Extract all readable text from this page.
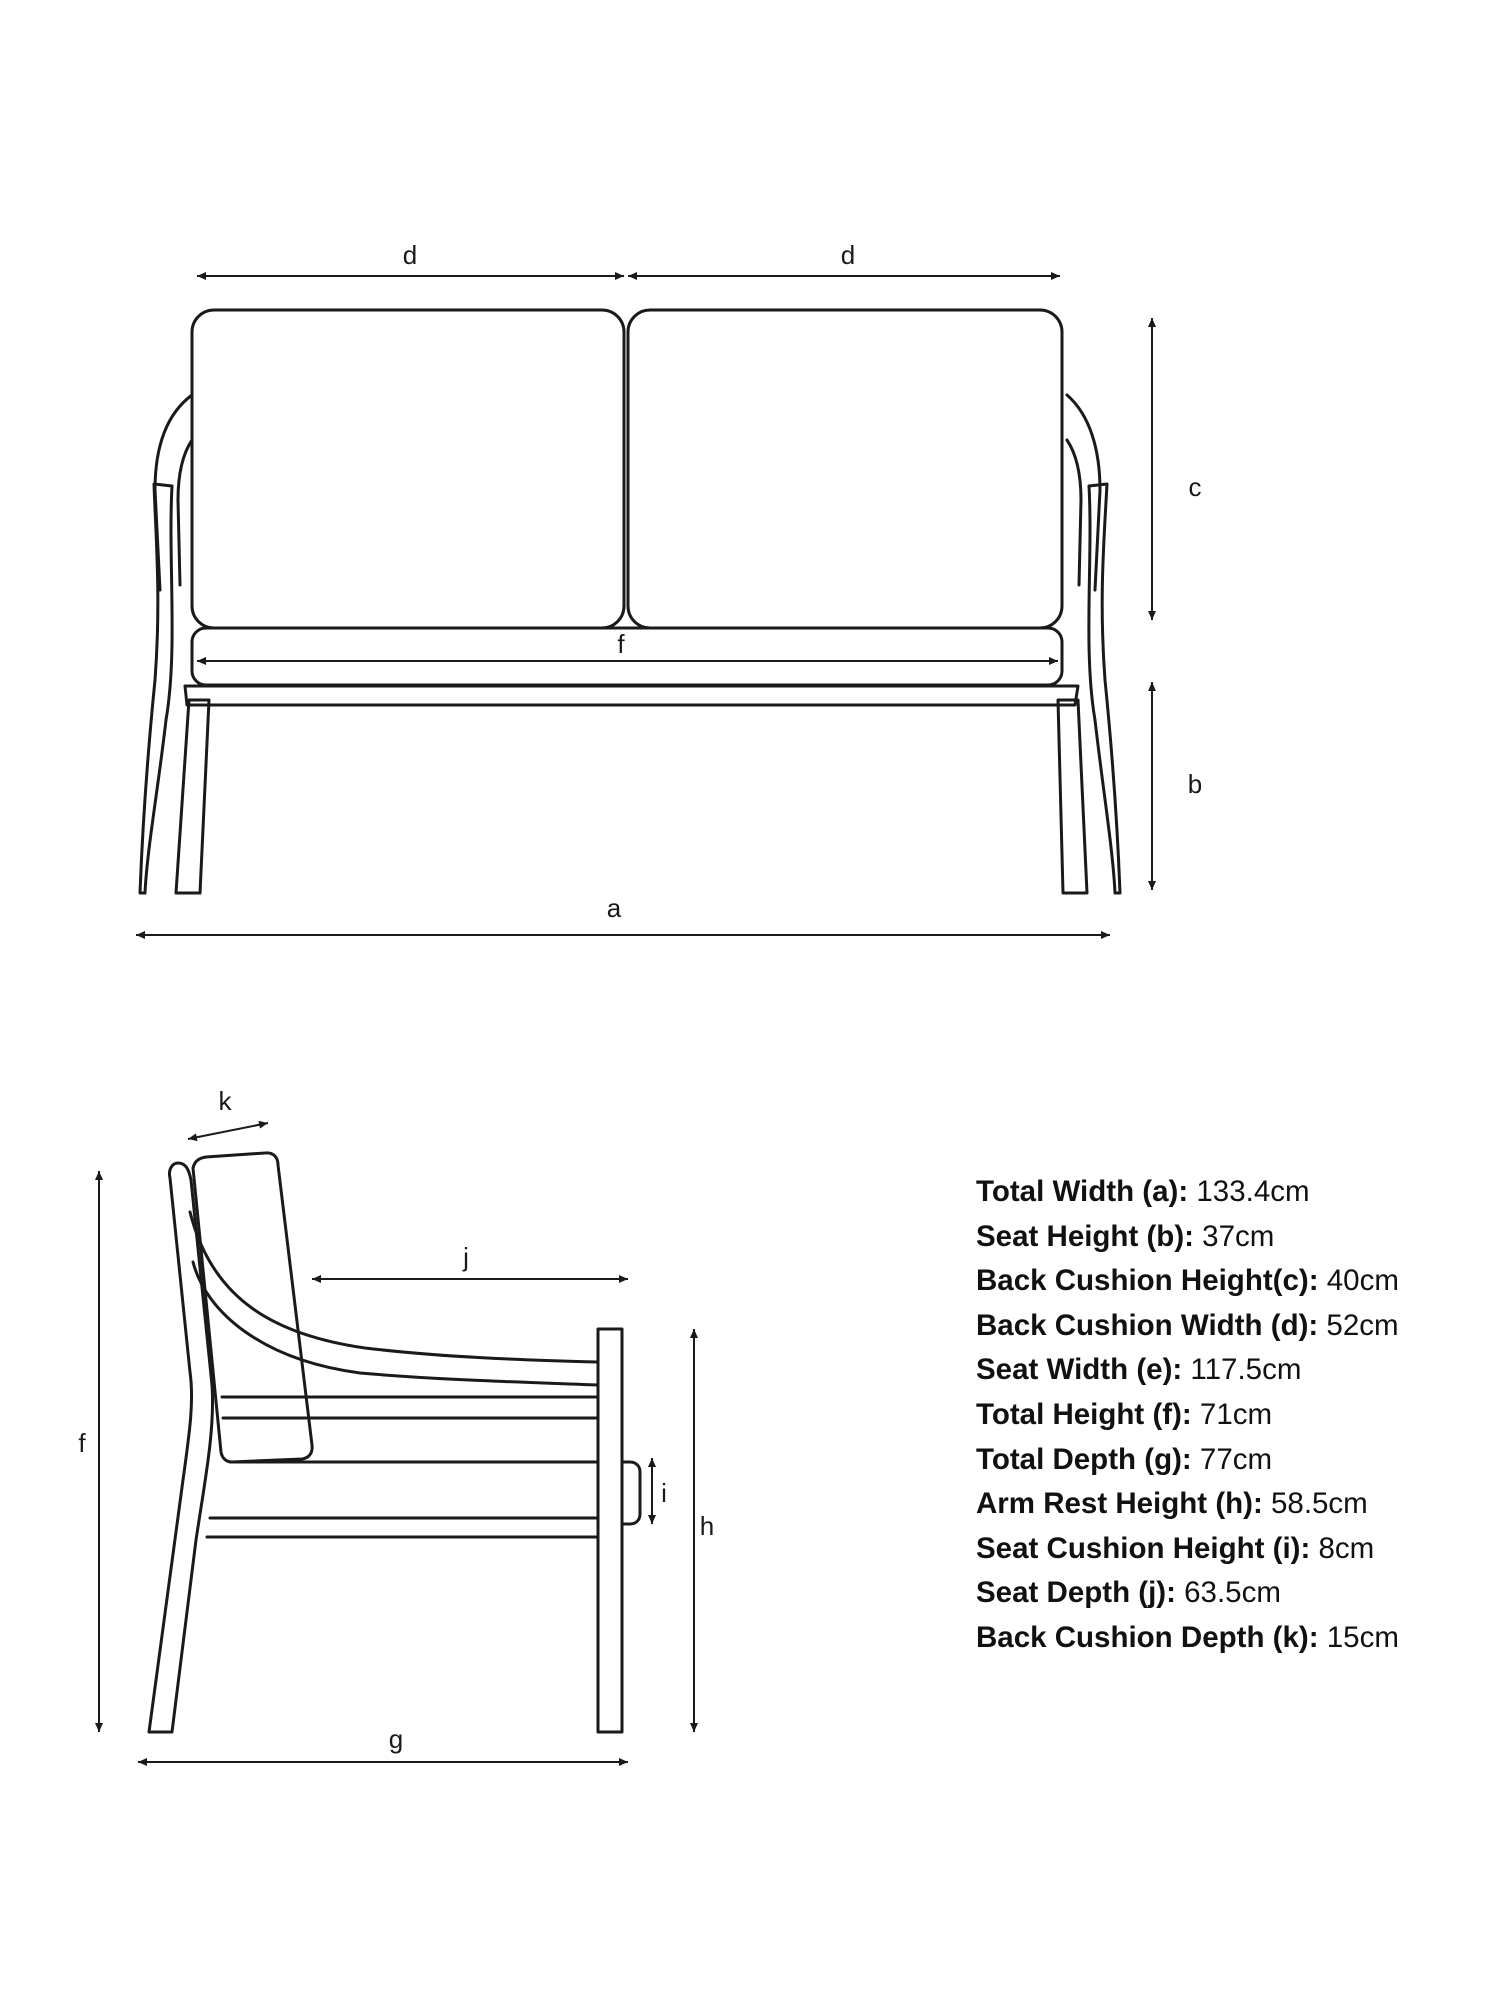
d	d
f
c
b
a
k
j
f
i
h
g
Total Width (a): 133.4cm
Seat Height (b): 37cm
Back Cushion Height(c): 40cm
Back Cushion Width (d): 52cm
Seat Width (e): 117.5cm
Total Height (f): 71cm
Total Depth (g): 77cm
Arm Rest Height (h): 58.5cm
Seat Cushion Height (i): 8cm
Seat Depth (j): 63.5cm
Back Cushion Depth (k): 15cm
